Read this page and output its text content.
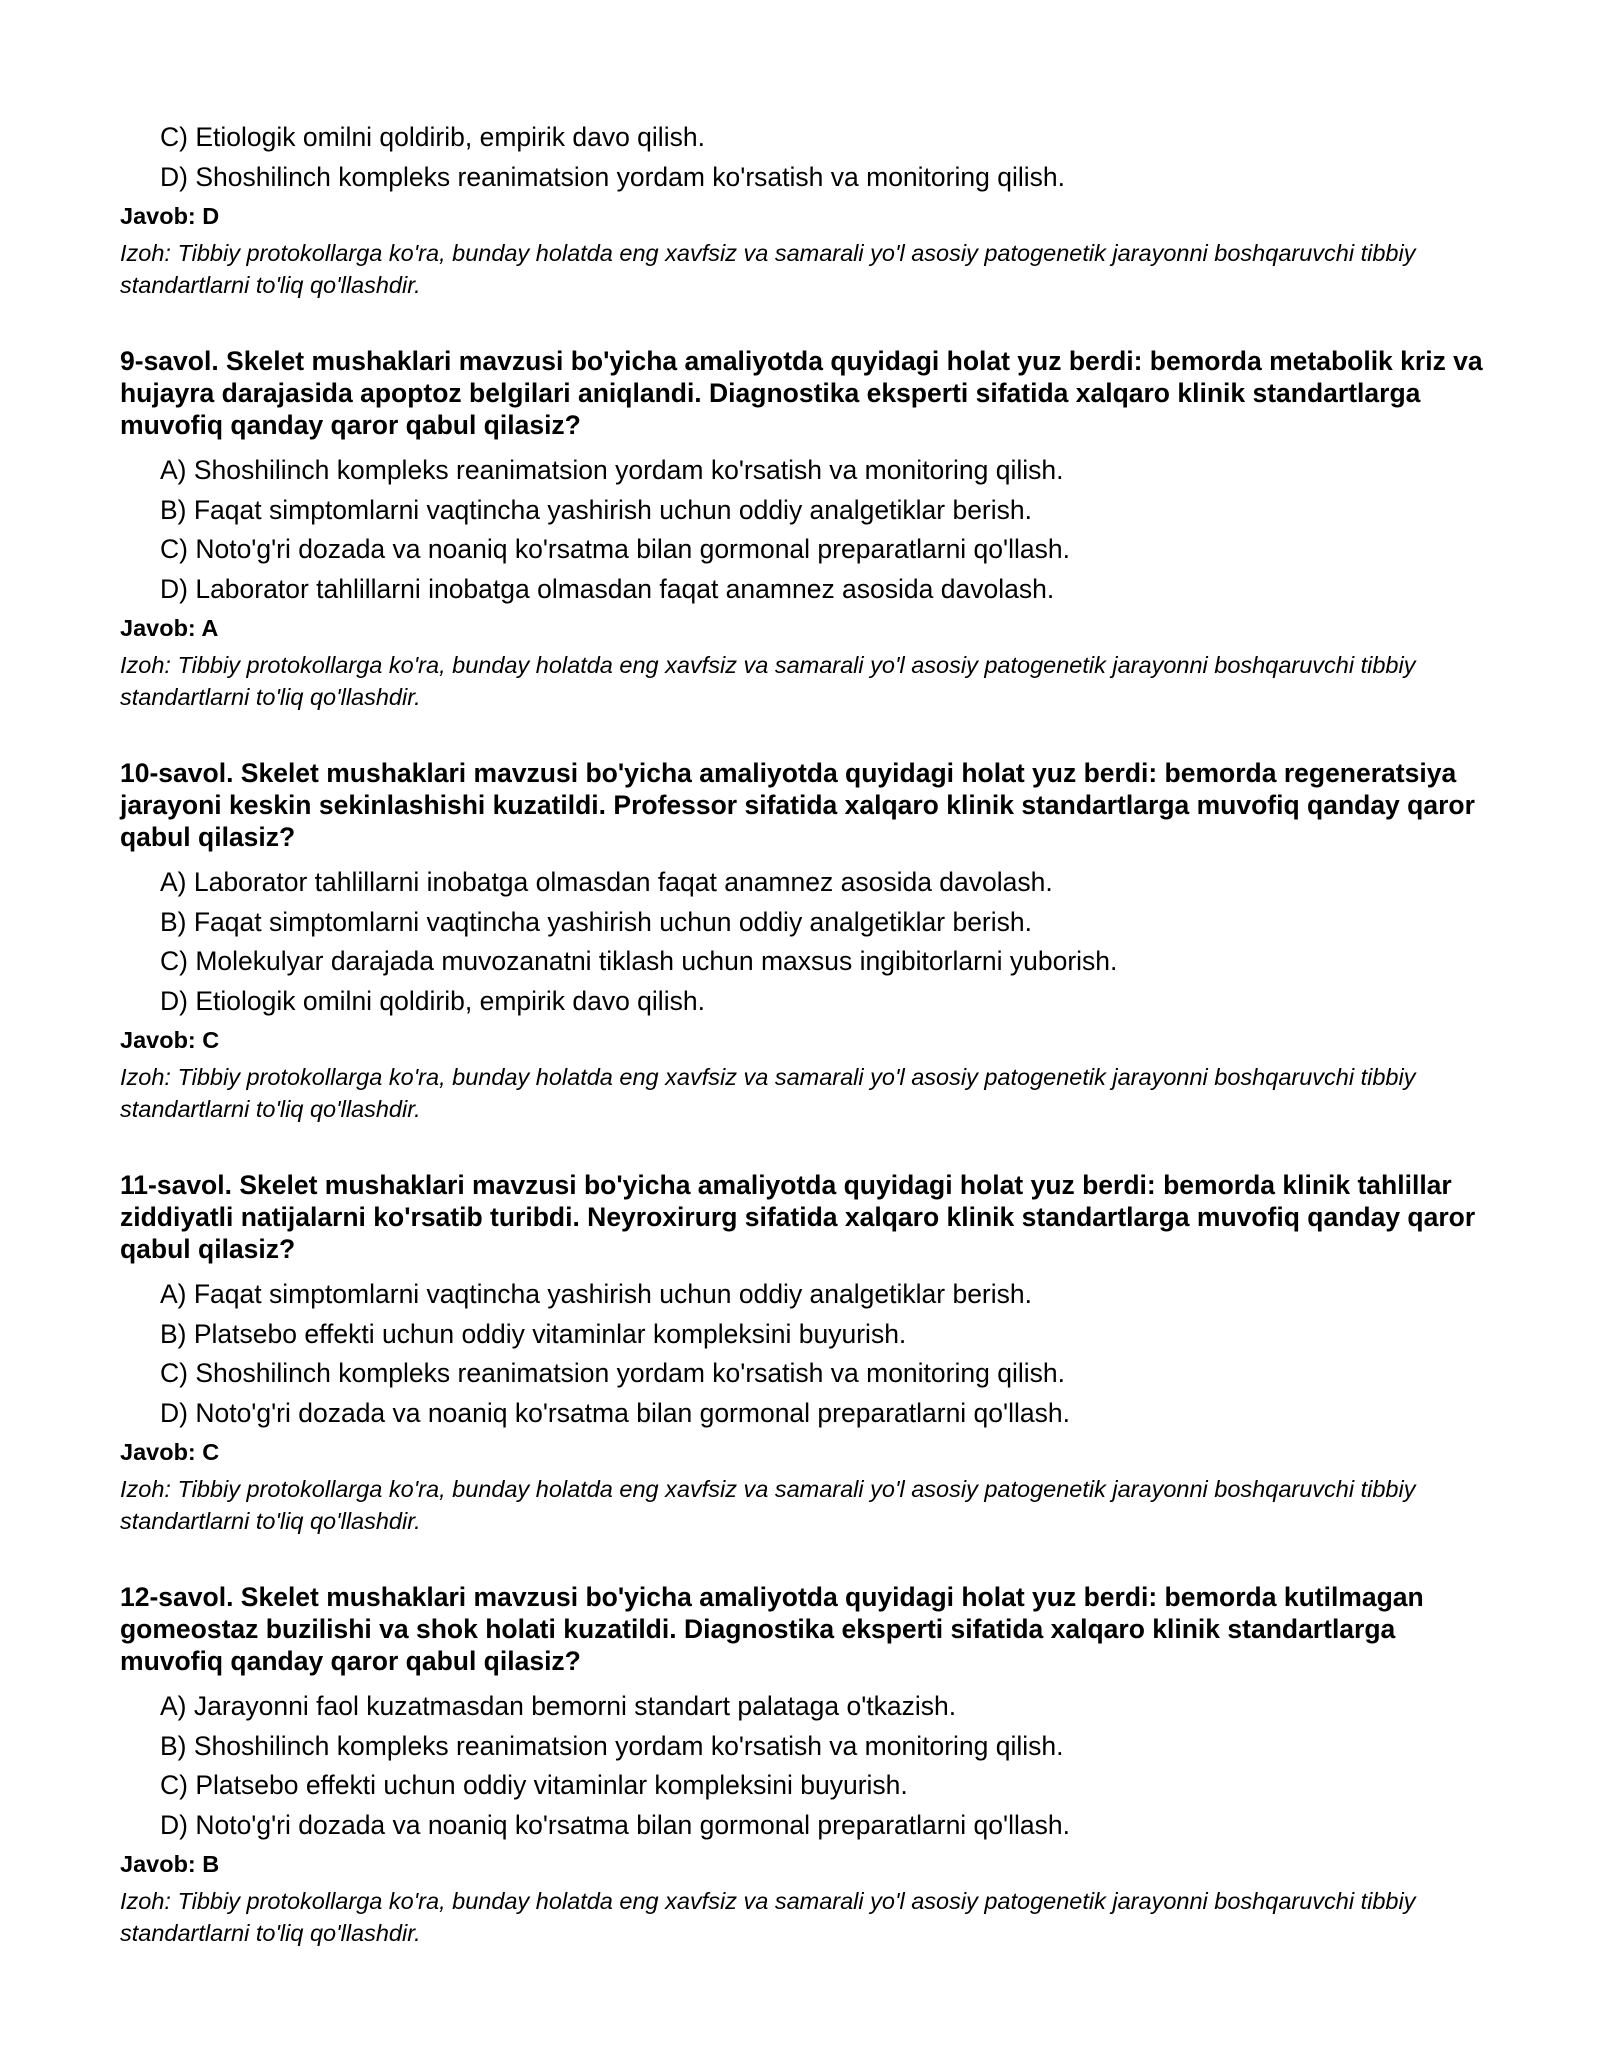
C) Etiologik omilni qoldirib, empirik davo qilish.
D) Shoshilinch kompleks reanimatsion yordam ko'rsatish va monitoring qilish.
Javob: D
Izoh: Tibbiy protokollarga ko'ra, bunday holatda eng xavfsiz va samarali yo'l asosiy patogenetik jarayonni boshqaruvchi tibbiy standartlarni to'liq qo'llashdir.
9-savol. Skelet mushaklari mavzusi bo'yicha amaliyotda quyidagi holat yuz berdi: bemorda metabolik kriz va hujayra darajasida apoptoz belgilari aniqlandi. Diagnostika eksperti sifatida xalqaro klinik standartlarga muvofiq qanday qaror qabul qilasiz?
A) Shoshilinch kompleks reanimatsion yordam ko'rsatish va monitoring qilish.
B) Faqat simptomlarni vaqtincha yashirish uchun oddiy analgetiklar berish.
C) Noto'g'ri dozada va noaniq ko'rsatma bilan gormonal preparatlarni qo'llash.
D) Laborator tahlillarni inobatga olmasdan faqat anamnez asosida davolash.
Javob: A
Izoh: Tibbiy protokollarga ko'ra, bunday holatda eng xavfsiz va samarali yo'l asosiy patogenetik jarayonni boshqaruvchi tibbiy standartlarni to'liq qo'llashdir.
10-savol. Skelet mushaklari mavzusi bo'yicha amaliyotda quyidagi holat yuz berdi: bemorda regeneratsiya jarayoni keskin sekinlashishi kuzatildi. Professor sifatida xalqaro klinik standartlarga muvofiq qanday qaror qabul qilasiz?
A) Laborator tahlillarni inobatga olmasdan faqat anamnez asosida davolash.
B) Faqat simptomlarni vaqtincha yashirish uchun oddiy analgetiklar berish.
C) Molekulyar darajada muvozanatni tiklash uchun maxsus ingibitorlarni yuborish.
D) Etiologik omilni qoldirib, empirik davo qilish.
Javob: C
Izoh: Tibbiy protokollarga ko'ra, bunday holatda eng xavfsiz va samarali yo'l asosiy patogenetik jarayonni boshqaruvchi tibbiy standartlarni to'liq qo'llashdir.
11-savol. Skelet mushaklari mavzusi bo'yicha amaliyotda quyidagi holat yuz berdi: bemorda klinik tahlillar ziddiyatli natijalarni ko'rsatib turibdi. Neyroxirurg sifatida xalqaro klinik standartlarga muvofiq qanday qaror qabul qilasiz?
A) Faqat simptomlarni vaqtincha yashirish uchun oddiy analgetiklar berish.
B) Platsebo effekti uchun oddiy vitaminlar kompleksini buyurish.
C) Shoshilinch kompleks reanimatsion yordam ko'rsatish va monitoring qilish.
D) Noto'g'ri dozada va noaniq ko'rsatma bilan gormonal preparatlarni qo'llash.
Javob: C
Izoh: Tibbiy protokollarga ko'ra, bunday holatda eng xavfsiz va samarali yo'l asosiy patogenetik jarayonni boshqaruvchi tibbiy standartlarni to'liq qo'llashdir.
12-savol. Skelet mushaklari mavzusi bo'yicha amaliyotda quyidagi holat yuz berdi: bemorda kutilmagan gomeostaz buzilishi va shok holati kuzatildi. Diagnostika eksperti sifatida xalqaro klinik standartlarga muvofiq qanday qaror qabul qilasiz?
A) Jarayonni faol kuzatmasdan bemorni standart palataga o'tkazish.
B) Shoshilinch kompleks reanimatsion yordam ko'rsatish va monitoring qilish.
C) Platsebo effekti uchun oddiy vitaminlar kompleksini buyurish.
D) Noto'g'ri dozada va noaniq ko'rsatma bilan gormonal preparatlarni qo'llash.
Javob: B
Izoh: Tibbiy protokollarga ko'ra, bunday holatda eng xavfsiz va samarali yo'l asosiy patogenetik jarayonni boshqaruvchi tibbiy standartlarni to'liq qo'llashdir.
